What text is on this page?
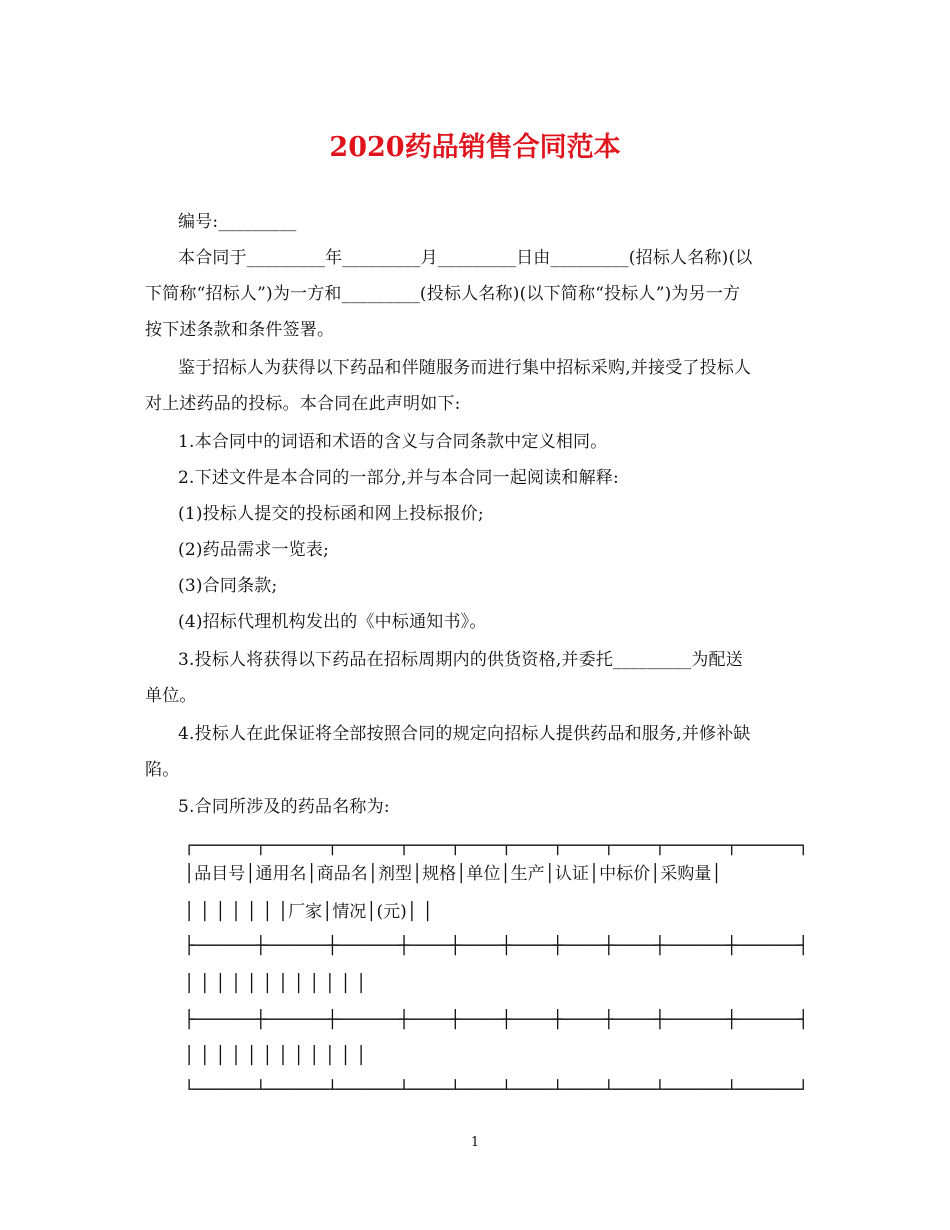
2020药品销售合同范本
编号:_________
本合同于_________年_________月_________日由_________(招标人名称)(以
下简称“招标人”)为一方和_________(投标人名称)(以下简称“投标人”)为另一方
按下述条款和条件签署。
鉴于招标人为获得以下药品和伴随服务而进行集中招标采购,并接受了投标人
对上述药品的投标。本合同在此声明如下:
1.本合同中的词语和术语的含义与合同条款中定义相同。
2.下述文件是本合同的一部分,并与本合同一起阅读和解释:
(1)投标人提交的投标函和网上投标报价;
(2)药品需求一览表;
(3)合同条款;
(4)招标代理机构发出的《中标通知书》。
3.投标人将获得以下药品在招标周期内的供货资格,并委托_________为配送
单位。
4.投标人在此保证将全部按照合同的规定向招标人提供药品和服务,并修补缺
陷。
5.合同所涉及的药品名称为:
┌──────┬──────┬──────┬────┬────┬────┬────┬────┬──────┬──────┐
│品目号│通用名│商品名│剂型│规格│单位│生产│认证│中标价│采购量│
│ │ │ │ │ │ │厂家│情况│(元)│ │
├──────┼──────┼──────┼────┼────┼────┼────┼────┼──────┼──────┤
│ │ │ │ │ │ │ │ │ │ │ │
├──────┼──────┼──────┼────┼────┼────┼────┼────┼──────┼──────┤
│ │ │ │ │ │ │ │ │ │ │ │
└──────┴──────┴──────┴────┴────┴────┴────┴────┴──────┴──────┘
1
